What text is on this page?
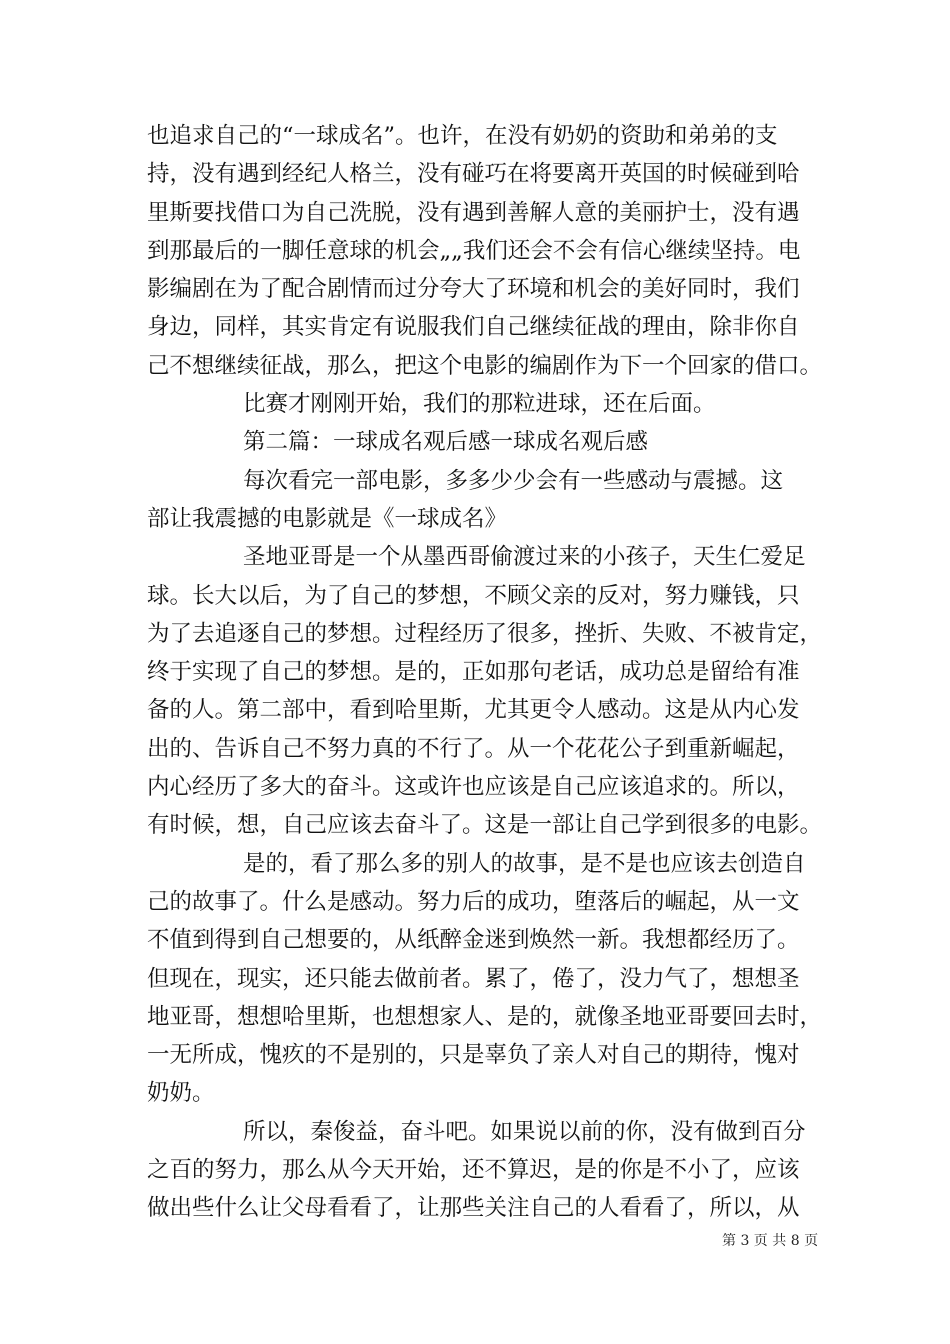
也追求自己的“一球成名”。也许，在没有奶奶的资助和弟弟的支
持，没有遇到经纪人格兰，没有碰巧在将要离开英国的时候碰到哈
里斯要找借口为自己洗脱，没有遇到善解人意的美丽护士，没有遇
到那最后的一脚任意球的机会„„我们还会不会有信心继续坚持。电
影编剧在为了配合剧情而过分夸大了环境和机会的美好同时，我们
身边，同样，其实肯定有说服我们自己继续征战的理由，除非你自
己不想继续征战，那么，把这个电影的编剧作为下一个回家的借口。
比赛才刚刚开始，我们的那粒进球，还在后面。
第二篇：一球成名观后感一球成名观后感
每次看完一部电影，多多少少会有一些感动与震撼。这
部让我震撼的电影就是《一球成名》
圣地亚哥是一个从墨西哥偷渡过来的小孩子，天生仁爱足
球。长大以后，为了自己的梦想，不顾父亲的反对，努力赚钱，只
为了去追逐自己的梦想。过程经历了很多，挫折、失败、不被肯定，
终于实现了自己的梦想。是的，正如那句老话，成功总是留给有准
备的人。第二部中，看到哈里斯，尤其更令人感动。这是从内心发
出的、告诉自己不努力真的不行了。从一个花花公子到重新崛起，
内心经历了多大的奋斗。这或许也应该是自己应该追求的。所以，
有时候，想，自己应该去奋斗了。这是一部让自己学到很多的电影。
是的，看了那么多的别人的故事，是不是也应该去创造自
己的故事了。什么是感动。努力后的成功，堕落后的崛起，从一文
不值到得到自己想要的，从纸醉金迷到焕然一新。我想都经历了。
但现在，现实，还只能去做前者。累了，倦了，没力气了，想想圣
地亚哥，想想哈里斯，也想想家人、是的，就像圣地亚哥要回去时，
一无所成，愧疚的不是别的，只是辜负了亲人对自己的期待，愧对
奶奶。
所以，秦俊益，奋斗吧。如果说以前的你，没有做到百分
之百的努力，那么从今天开始，还不算迟，是的你是不小了，应该
做出些什么让父母看看了，让那些关注自己的人看看了，所以，从
第 3 页 共 8 页
